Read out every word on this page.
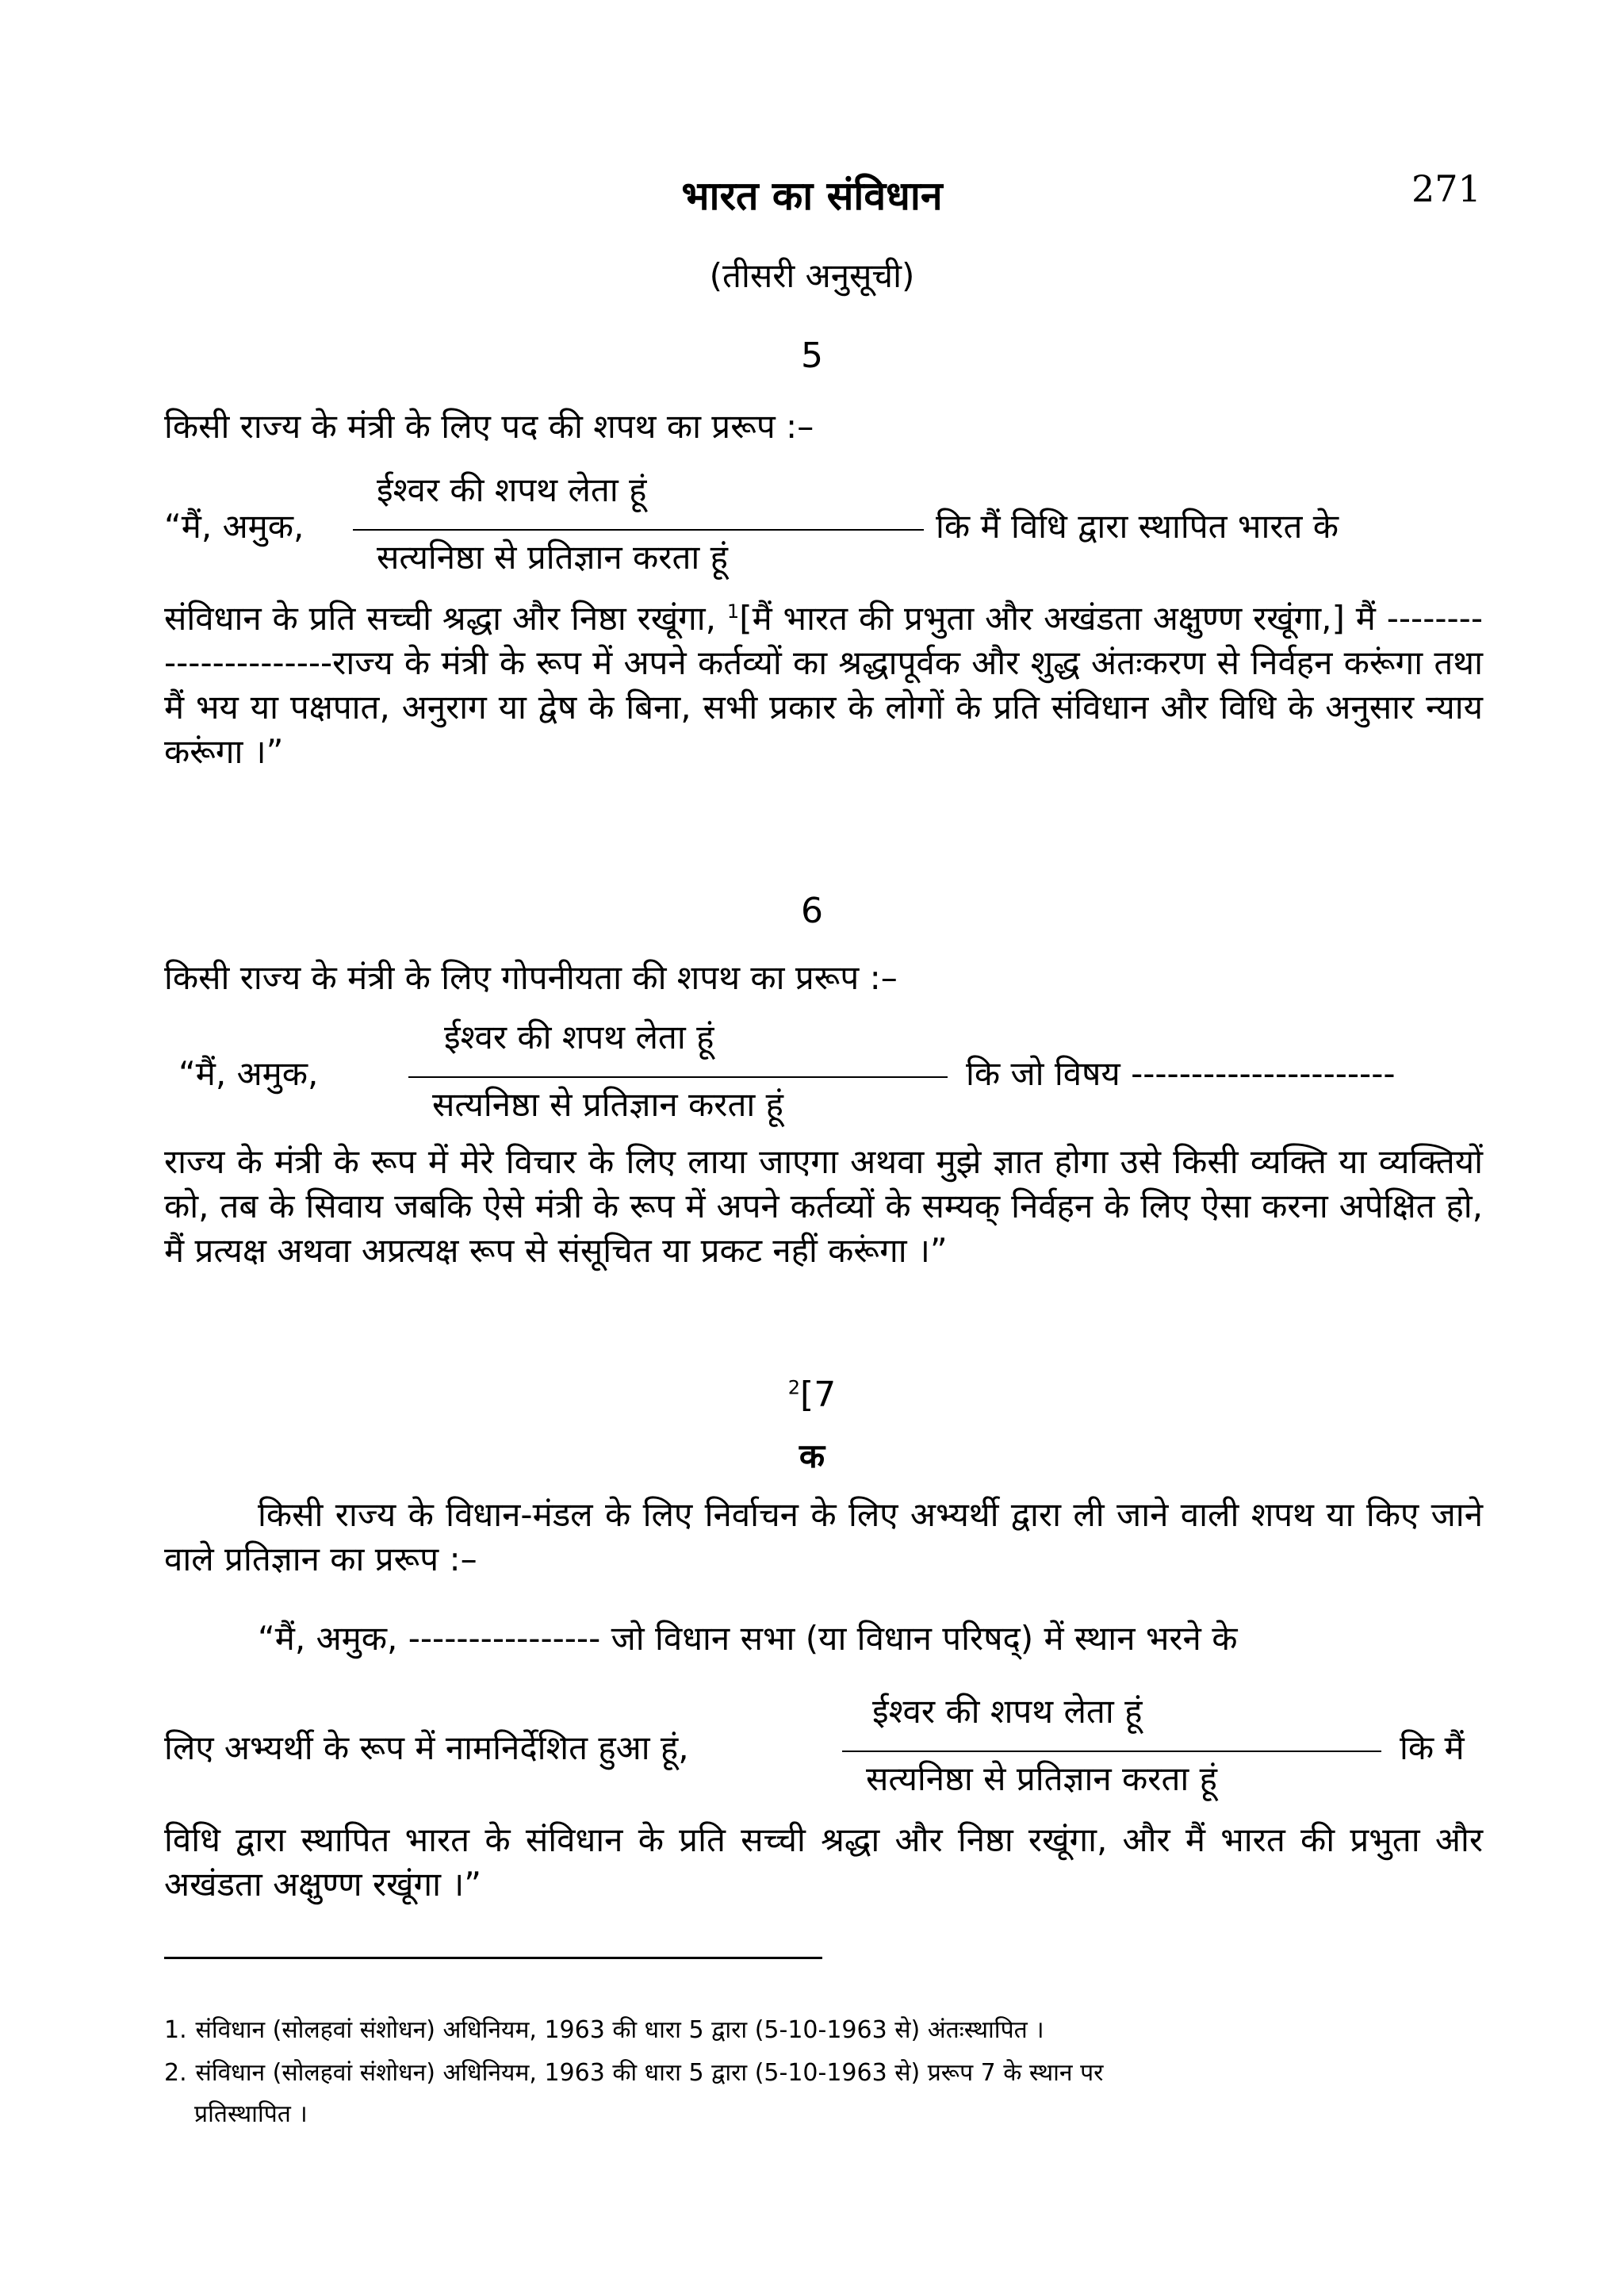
271
भारत का संविधान
(तीसरी अनुसूची)
5
किसी राज्य के मंत्री के लिए पद की शपथ का प्ररूप :–
“मैं, अमुक,
ईश्वर की शपथ लेता हूं
सत्यनिष्ठा से प्रतिज्ञान करता हूं
कि मैं विधि द्वारा स्थापित भारत के
संविधान के प्रति सच्ची श्रद्धा और निष्ठा रखूंगा, $^1$[मैं भारत की प्रभुता और अखंडता अक्षुण्ण रखूंगा,] मैं ----------------------राज्य के मंत्री के रूप में अपने कर्तव्यों का श्रद्धापूर्वक और शुद्ध अंतःकरण से निर्वहन करूंगा तथा मैं भय या पक्षपात, अनुराग या द्वेष के बिना, सभी प्रकार के लोगों के प्रति संविधान और विधि के अनुसार न्याय करूंगा ।”
6
किसी राज्य के मंत्री के लिए गोपनीयता की शपथ का प्ररूप :–
“मैं, अमुक,
ईश्वर की शपथ लेता हूं
सत्यनिष्ठा से प्रतिज्ञान करता हूं
कि जो विषय ----------------------
राज्य के मंत्री के रूप में मेरे विचार के लिए लाया जाएगा अथवा मुझे ज्ञात होगा उसे किसी व्यक्ति या व्यक्तियों को, तब के सिवाय जबकि ऐसे मंत्री के रूप में अपने कर्तव्यों के सम्यक् निर्वहन के लिए ऐसा करना अपेक्षित हो, मैं प्रत्यक्ष अथवा अप्रत्यक्ष रूप से संसूचित या प्रकट नहीं करूंगा ।”
$^2$[7
क
किसी राज्य के विधान-मंडल के लिए निर्वाचन के लिए अभ्यर्थी द्वारा ली जाने वाली शपथ या किए जाने वाले प्रतिज्ञान का प्ररूप :–
“मैं, अमुक, ---------------- जो विधान सभा (या विधान परिषद्) में स्थान भरने के
लिए अभ्यर्थी के रूप में नामनिर्देशित हुआ हूं,
ईश्वर की शपथ लेता हूं
सत्यनिष्ठा से प्रतिज्ञान करता हूं
कि मैं
विधि द्वारा स्थापित भारत के संविधान के प्रति सच्ची श्रद्धा और निष्ठा रखूंगा, और मैं भारत की प्रभुता और अखंडता अक्षुण्ण रखूंगा ।”
1. संविधान (सोलहवां संशोधन) अधिनियम, 1963 की धारा 5 द्वारा (5-10-1963 से) अंतःस्थापित ।
2. संविधान (सोलहवां संशोधन) अधिनियम, 1963 की धारा 5 द्वारा (5-10-1963 से) प्ररूप 7 के स्थान पर
प्रतिस्थापित ।
